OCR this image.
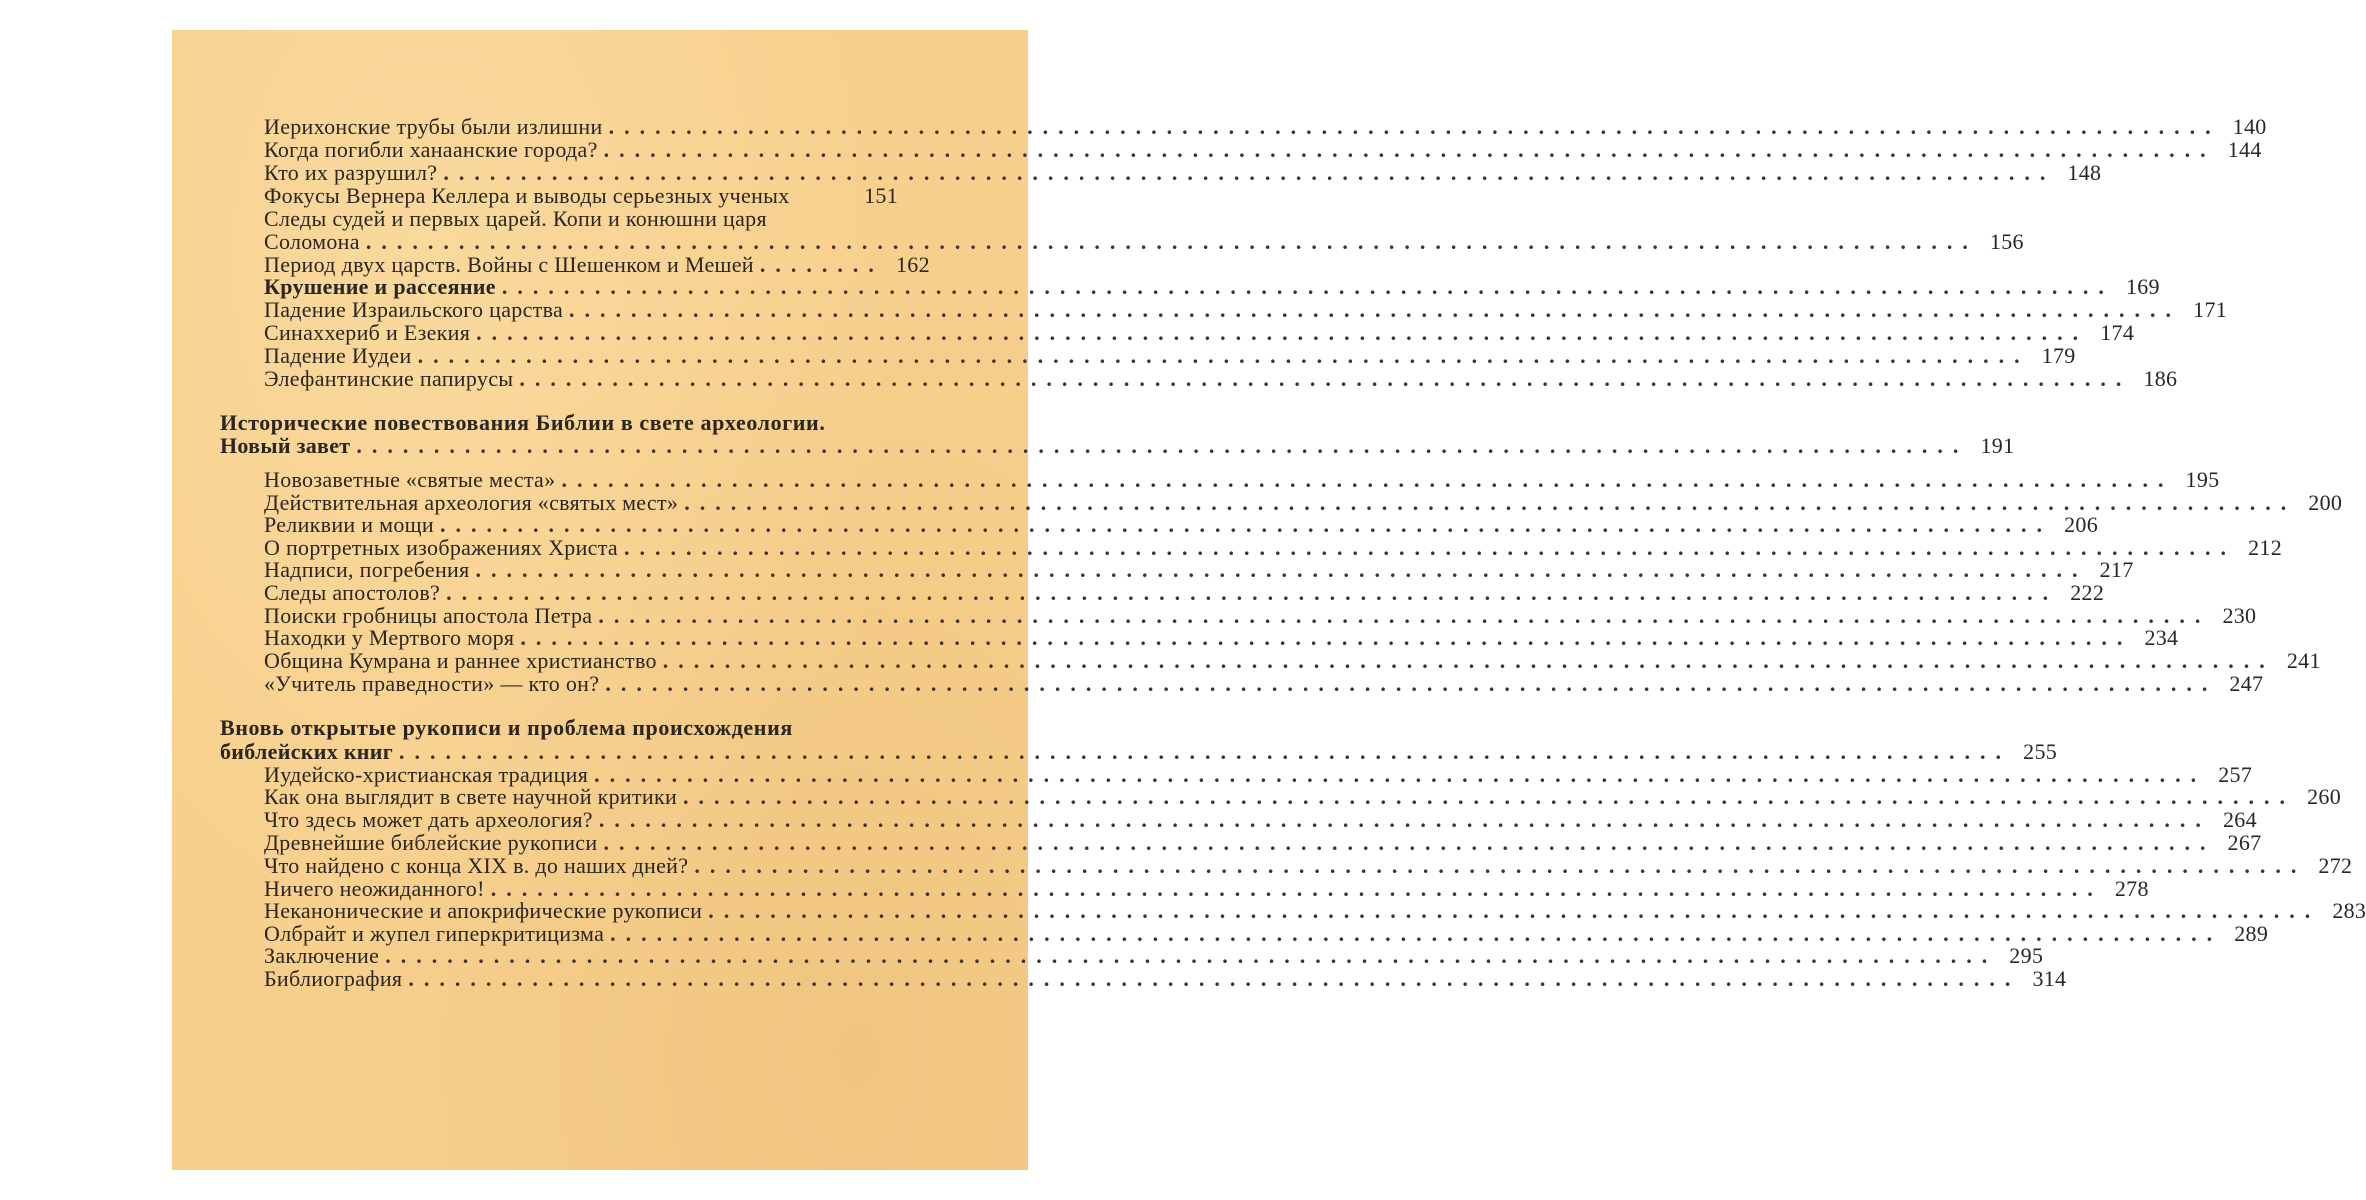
Иерихонские трубы были излишни ........................................................................................................ 140
Когда погибли ханаанские города? ........................................................................................................ 144
Кто их разрушил? ........................................................................................................ 148
Фокусы Вернера Келлера и выводы серьезных ученых	151
Следы судей и первых царей. Копи и конюшни царя
Соломона ........................................................................................................ 156
Период двух царств. Войны с Шешенком и Мешей ........ 162
Крушение и рассеяние ........................................................................................................ 169
Падение Израильского царства ........................................................................................................ 171
Синаххериб и Езекия ........................................................................................................ 174
Падение Иудеи ........................................................................................................ 179
Элефантинские папирусы ........................................................................................................ 186
Исторические повествования Библии в свете археологии.
Новый завет ........................................................................................................ 191
Новозаветные «святые места» ........................................................................................................ 195
Действительная археология «святых мест» ........................................................................................................ 200
Реликвии и мощи ........................................................................................................ 206
О портретных изображениях Христа ........................................................................................................ 212
Надписи, погребения ........................................................................................................ 217
Следы апостолов? ........................................................................................................ 222
Поиски гробницы апостола Петра ........................................................................................................ 230
Находки у Мертвого моря ........................................................................................................ 234
Община Кумрана и раннее христианство ........................................................................................................ 241
«Учитель праведности» — кто он? ........................................................................................................ 247
Вновь открытые рукописи и проблема происхождения
библейских книг ........................................................................................................ 255
Иудейско-христианская традиция ........................................................................................................ 257
Как она выглядит в свете научной критики ........................................................................................................ 260
Что здесь может дать археология? ........................................................................................................ 264
Древнейшие библейские рукописи ........................................................................................................ 267
Что найдено с конца XIX в. до наших дней? ........................................................................................................ 272
Ничего неожиданного! ........................................................................................................ 278
Неканонические и апокрифические рукописи ........................................................................................................ 283
Олбрайт и жупел гиперкритицизма ........................................................................................................ 289
Заключение ........................................................................................................ 295
Библиография ........................................................................................................ 314
